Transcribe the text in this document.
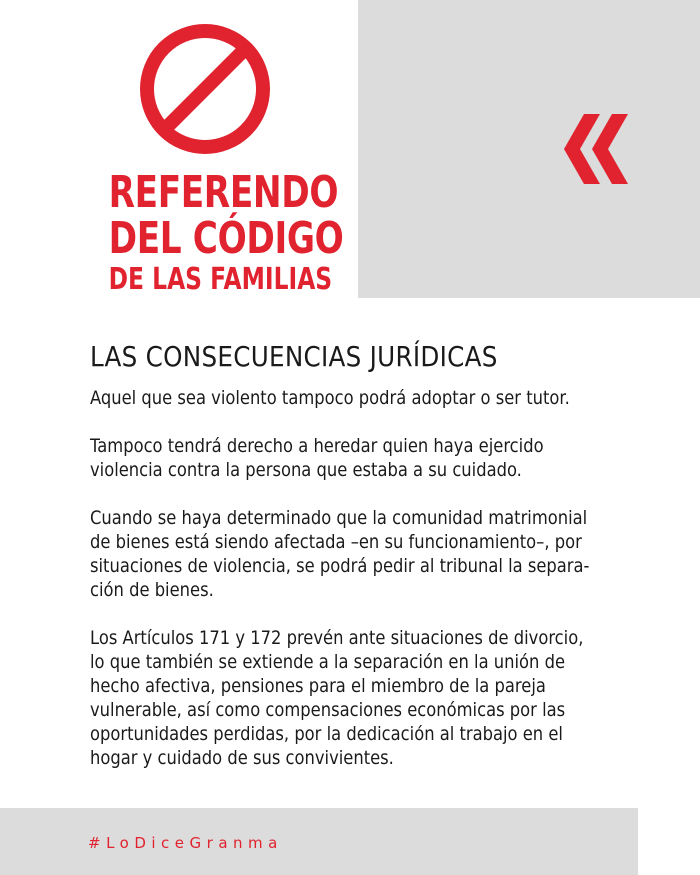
REFERENDO
DEL CÓDIGO
DE LAS FAMILIAS
LAS CONSECUENCIAS JURÍDICAS

Aquel que sea violento tampoco podrá adoptar o ser tutor.

Tampoco tendrá derecho a heredar quien haya ejercido
violencia contra la persona que estaba a su cuidado.

Cuando se haya determinado que la comunidad matrimonial
de bienes está siendo afectada –en su funcionamiento–, por
situaciones de violencia, se podrá pedir al tribunal la separa-
ción de bienes.

Los Artículos 171 y 172 prevén ante situaciones de divorcio,
lo que también se extiende a la separación en la unión de
hecho afectiva, pensiones para el miembro de la pareja
vulnerable, así como compensaciones económicas por las
oportunidades perdidas, por la dedicación al trabajo en el
hogar y cuidado de sus convivientes.

#LoDiceGranma
